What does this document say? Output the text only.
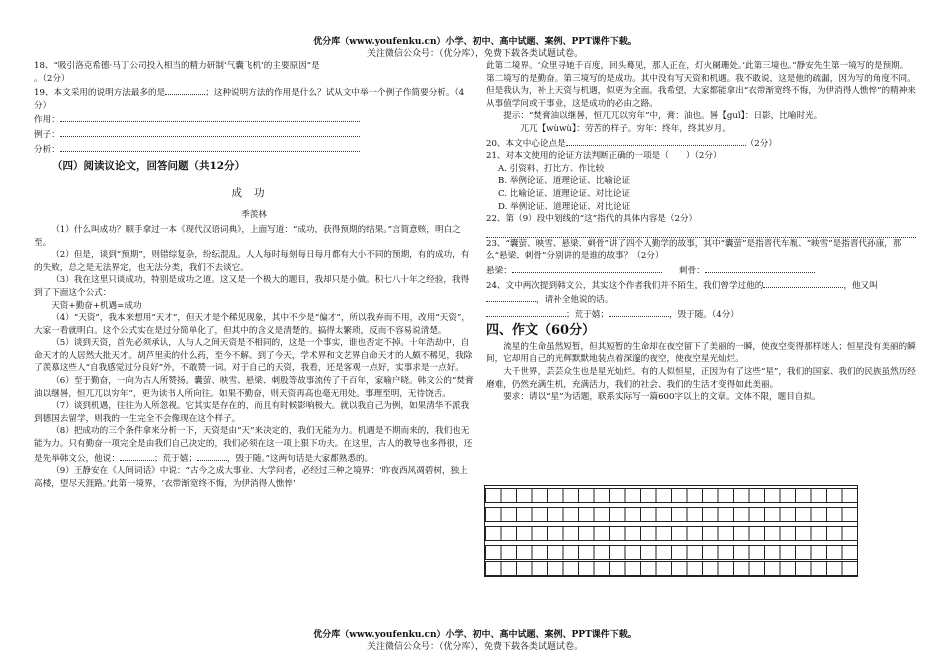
优分库（www.youfenku.cn）小学、初中、高中试题、案例、PPT课件下载。
关注微信公众号：（优分库），免费下载各类试题试卷。

18、“吸引洛克希德·马丁公司投入相当的精力研制‘气囊飞机’的主要原因”是

。（2分）

19、本文采用的说明方法最多的是	；这种说明方法的作用是什么？试从文中举一个例子作简要分析。（4分）

作用：

例子：

分析：

（四）阅读议论文，回答问题（共12分）
成功
季羡林

（1）什么叫成功？顺手拿过一本《现代汉语词典》，上面写道：“成功，获得预期的结果。”言简意赅，明白之至。

（2）但是，谈到“预期”，则错综复杂，纷纭混乱。人人每时每刻每日每月都有大小不同的预期，有的成功，有的失败，总之是无法界定，也无法分类，我们不去谈它。

（3）我在这里只谈成功，特别是成功之道。这又是一个极大的题目，我却只是小做。积七八十年之经验，我得到了下面这个公式：

天资+勤奋+机遇=成功

（4）“天资”，我本来想用“天才”，但天才是个稀见现象，其中不少是“偏才”，所以我弃而不用，改用“天资”，大家一看就明白。这个公式实在是过分简单化了，但其中的含义是清楚的。搞得太繁琐，反而不容易说清楚。

（5）谈到天资，首先必须承认，人与人之间天资是不相同的，这是一个事实，谁也否定不掉。十年浩劫中，自命天才的人居然大批天才。胡芦里卖的什么药，至今不解。到了今天，学术界和文艺界自命天才的人颇不稀见，我除了羡慕这些人“自我感觉过分良好”外，不敢赞一词。对于自己的天资，我看，还是客观一点好，实事求是一点好。

（6）至于勤奋，一向为古人所赞扬。囊萤、映雪、悬梁、刺股等故事流传了千百年，家喻户晓。韩文公的“焚膏油以继晷，恒兀兀以穷年”，更为读书人所向往。如果不勤奋，则天资再高也毫无用处。事理至明，无待饶舌。

（7）谈到机遇，往往为人所忽视。它其实是存在的，而且有时候影响极大。就以我自己为例，如果清华不派我到德国去留学，则我的一生完全不会像现在这个样子。

（8）把成功的三个条件拿来分析一下，天资是由“天”来决定的，我们无能为力。机遇是不期而来的，我们也无能为力。只有勤奋一项完全是由我们自己决定的，我们必须在这一项上狠下功夫。在这里，古人的教导也多得很，还是先举韩文公，他说：	；荒于嬉；	，毁于随。”这两句话是大家都熟悉的。

（9）王静安在《人间词话》中说：“古今之成大事业、大学问者，必经过三种之境界：‘昨夜西风凋碧树，独上高楼，望尽天涯路。’此第一境界，‘衣带渐宽终不悔，为伊消得人憔悴’

此第二境界。‘众里寻她千百度，回头蓦见，那人正在，灯火阑珊处。’此第三境也。”静安先生第一境写的是预期。第二境写的是勤奋。第三境写的是成功。其中没有写天资和机遇。我不敢说，这是他的疏漏，因为写的角度不同。但是我认为，补上天资与机遇，似更为全面。我希望，大家都能拿出“衣带渐宽终不悔，为伊消得人憔悴”的精神来从事值学问或干事业，这是成功的必由之路。

提示：“焚膏油以继晷，恒兀兀以穷年”中，膏：油也。晷【guǐ】：日影，比喻时光。

兀兀【wùwù】：劳苦的样子。穷年：终年，终其岁月。

20、本文中心论点是	（2分）

21、对本文使用的论证方法判断正确的一项是（　　）（2分）

A. 引资料、打比方、作比较

B. 举例论证、道理论证、比喻论证

C. 比喻论证、道理论证、对比论证

D. 举例论证、道理论证、对比论证

22、第（9）段中划线的“这”指代的具体内容是（2分）

23、“囊萤、映雪、悬梁、刺骨”讲了四个人勤学的故事，其中“囊萤”是指晋代车胤、“映雪”是指晋代孙康，那么“悬梁、刺骨”分别讲的是谁的故事？（2分）

悬梁：　　	刺骨：

24、文中两次提到韩文公，其实这个作者我们并不陌生，我们曾学过他的	，他又叫，请补全他说的话。

；荒于嬉；	，毁于随。（4分）

四、作文（60分）

流星的生命虽然短暂，但其短暂的生命却在夜空留下了美丽的一瞬，使夜空变得那样迷人；恒星没有美丽的瞬间，它却用自己的光辉默默地装点着深邃的夜空，使夜空星光灿烂。

大千世界，芸芸众生也是星光灿烂。有的人似恒星，正因为有了这些“星”，我们的国家、我们的民族虽然历经磨难，仍然充满生机，充满活力，我们的社会、我们的生活才变得如此美丽。

要求：请以“星”为话题，联系实际写一篇600字以上的文章。文体不限，题目自拟。

优分库（www.youfenku.cn）小学、初中、高中试题、案例、PPT课件下载。
关注微信公众号：（优分库），免费下载各类试题试卷。
